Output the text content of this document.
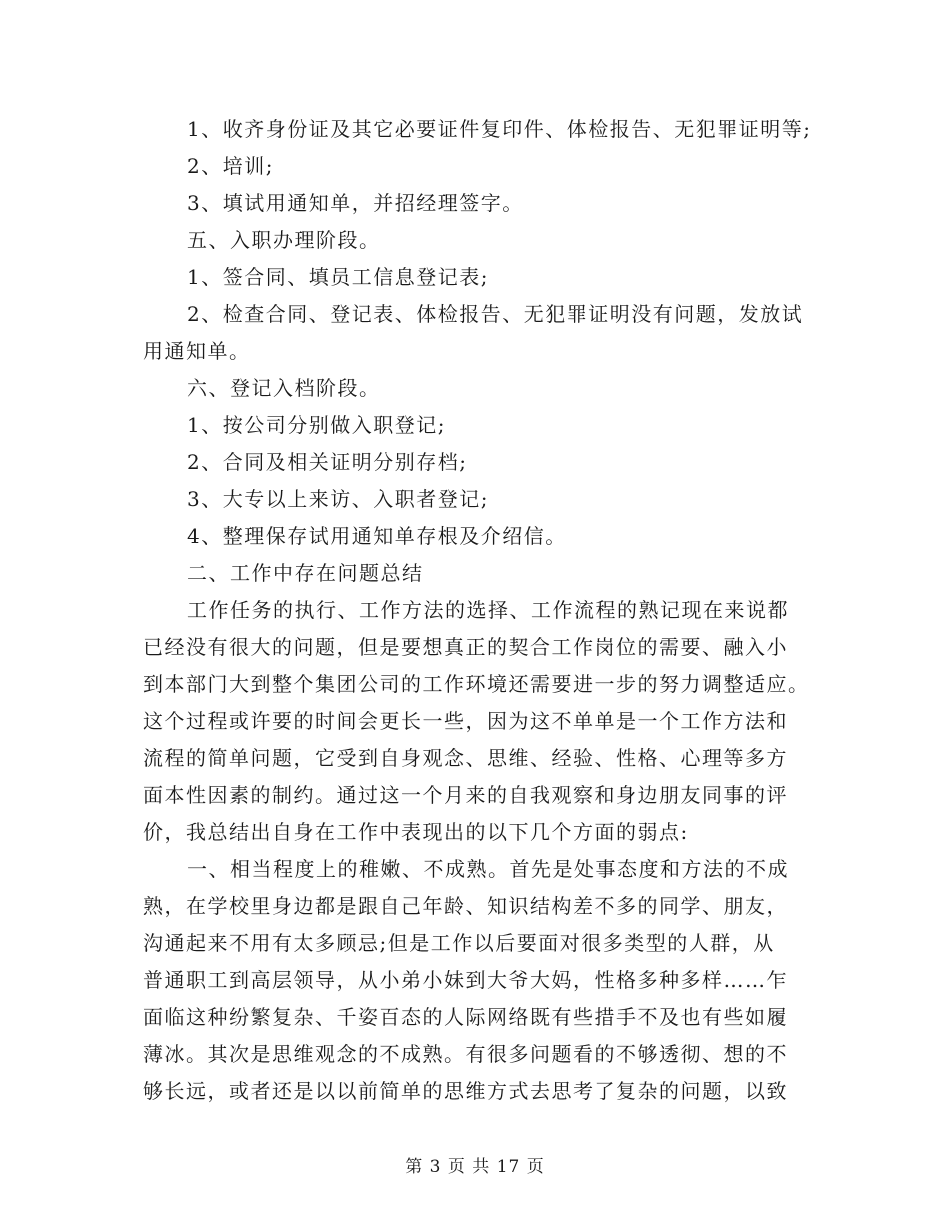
1、收齐身份证及其它必要证件复印件、体检报告、无犯罪证明等;
2、培训;
3、填试用通知单，并招经理签字。
五、入职办理阶段。
1、签合同、填员工信息登记表;
2、检查合同、登记表、体检报告、无犯罪证明没有问题，发放试
用通知单。
六、登记入档阶段。
1、按公司分别做入职登记;
2、合同及相关证明分别存档;
3、大专以上来访、入职者登记;
4、整理保存试用通知单存根及介绍信。
二、工作中存在问题总结
工作任务的执行、工作方法的选择、工作流程的熟记现在来说都
已经没有很大的问题，但是要想真正的契合工作岗位的需要、融入小
到本部门大到整个集团公司的工作环境还需要进一步的努力调整适应。
这个过程或许要的时间会更长一些，因为这不单单是一个工作方法和
流程的简单问题，它受到自身观念、思维、经验、性格、心理等多方
面本性因素的制约。通过这一个月来的自我观察和身边朋友同事的评
价，我总结出自身在工作中表现出的以下几个方面的弱点:
一、相当程度上的稚嫩、不成熟。首先是处事态度和方法的不成
熟，在学校里身边都是跟自己年龄、知识结构差不多的同学、朋友，
沟通起来不用有太多顾忌;但是工作以后要面对很多类型的人群，从
普通职工到高层领导，从小弟小妹到大爷大妈，性格多种多样……乍
面临这种纷繁复杂、千姿百态的人际网络既有些措手不及也有些如履
薄冰。其次是思维观念的不成熟。有很多问题看的不够透彻、想的不
够长远，或者还是以以前简单的思维方式去思考了复杂的问题，以致
第 3 页 共 17 页
